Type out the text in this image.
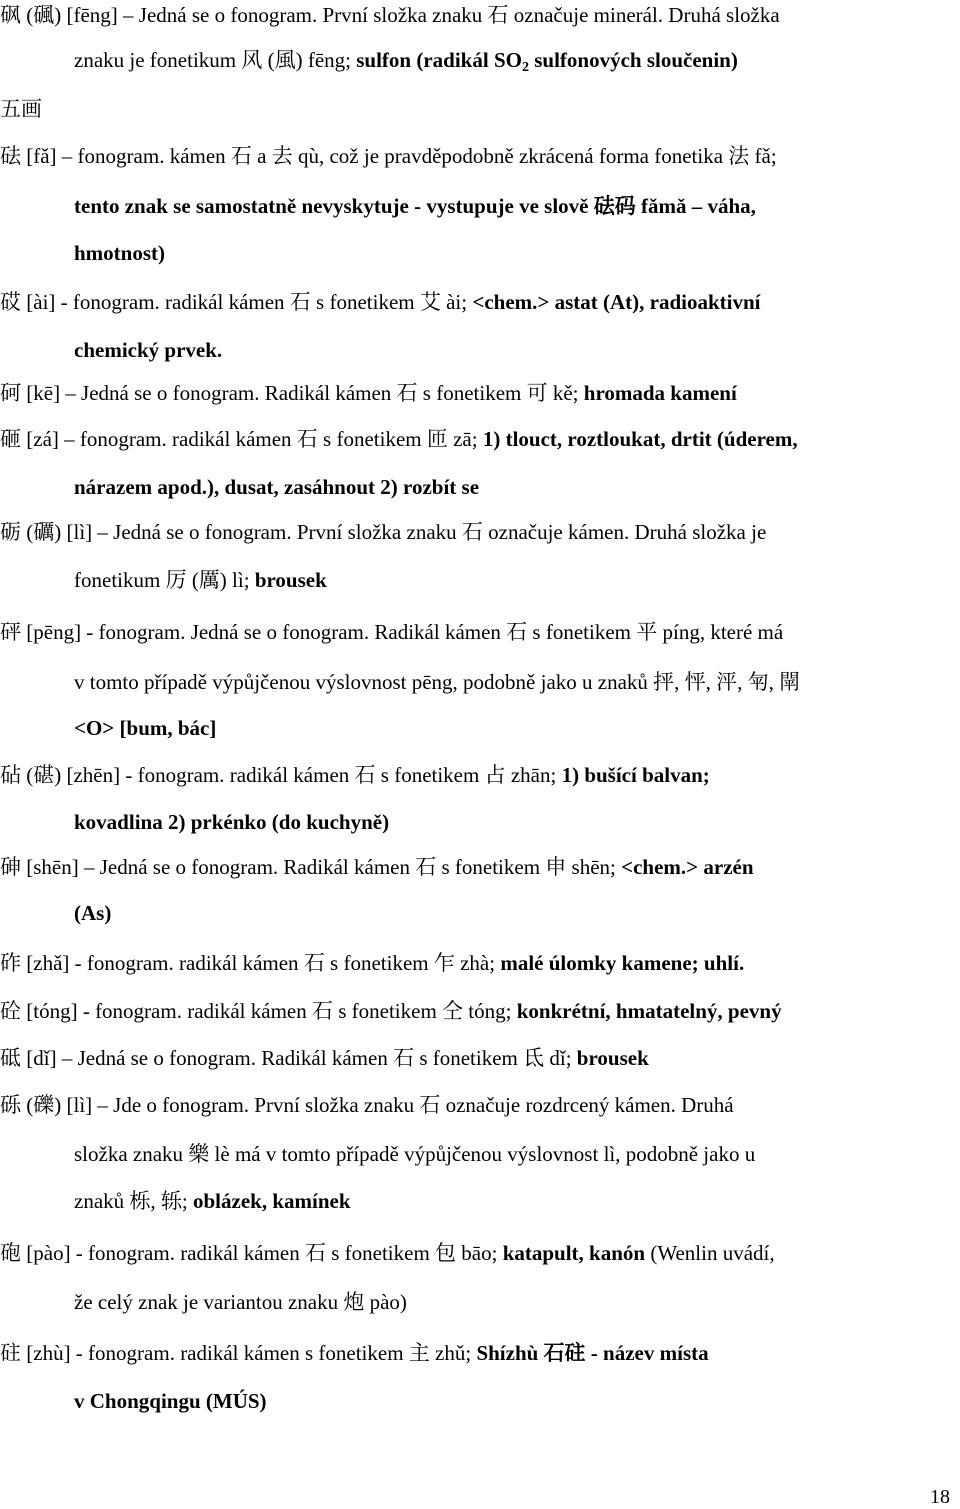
砜 (碸) [fēng] – Jedná se o fonogram. První složka znaku 石 označuje minerál. Druhá složka
znaku je fonetikum 风 (風) fēng; sulfon (radikál $SO_2$ sulfonových sloučenin)
五画
砝 [fǎ] – fonogram. kámen 石 a 去 qù, což je pravděpodobně zkrácená forma fonetika 法 fǎ;
tento znak se samostatně nevyskytuje - vystupuje ve slově 砝码 fǎmǎ – váha,
hmotnost)
砹 [ài] - fonogram. radikál kámen 石 s fonetikem 艾 ài; <chem.> astat (At), radioaktivní
chemický prvek.
砢 [kē] – Jedná se o fonogram. Radikál kámen 石 s fonetikem 可 kě; hromada kamení
砸 [zá] – fonogram. radikál kámen 石 s fonetikem 匝 zā; 1) tlouct, roztloukat, drtit (úderem,
nárazem apod.), dusat, zasáhnout 2) rozbít se
砺 (礪) [lì] – Jedná se o fonogram. První složka znaku 石 označuje kámen. Druhá složka je
fonetikum 厉 (厲) lì; brousek
砰 [pēng] - fonogram. Jedná se o fonogram. Radikál kámen 石 s fonetikem 平 píng, které má
v tomto případě výpůjčenou výslovnost pēng, podobně jako u znaků 抨, 怦, 泙, 匉, 閛
<O> [bum, bác]
砧 (碪) [zhēn] - fonogram. radikál kámen 石 s fonetikem 占 zhān; 1) bušící balvan;
kovadlina 2) prkénko (do kuchyně)
砷 [shēn] – Jedná se o fonogram. Radikál kámen 石 s fonetikem 申 shēn; <chem.> arzén
(As)
砟 [zhǎ] - fonogram. radikál kámen 石 s fonetikem 乍 zhà; malé úlomky kamene; uhlí.
砼 [tóng] - fonogram. radikál kámen 石 s fonetikem 仝 tóng; konkrétní, hmatatelný, pevný
砥 [dǐ] – Jedná se o fonogram. Radikál kámen 石 s fonetikem 氐 dǐ; brousek
砾 (礫) [lì] – Jde o fonogram. První složka znaku 石 označuje rozdrcený kámen. Druhá
složka znaku 樂 lè má v tomto případě výpůjčenou výslovnost lì, podobně jako u
znaků 栎, 轹; oblázek, kamínek
砲 [pào] - fonogram. radikál kámen 石 s fonetikem 包 bāo; katapult, kanón (Wenlin uvádí,
že celý znak je variantou znaku 炮 pào)
砫 [zhù] - fonogram. radikál kámen s fonetikem 主 zhǔ; Shízhù 石砫 - název místa
v Chongqingu (MÚS)
18
